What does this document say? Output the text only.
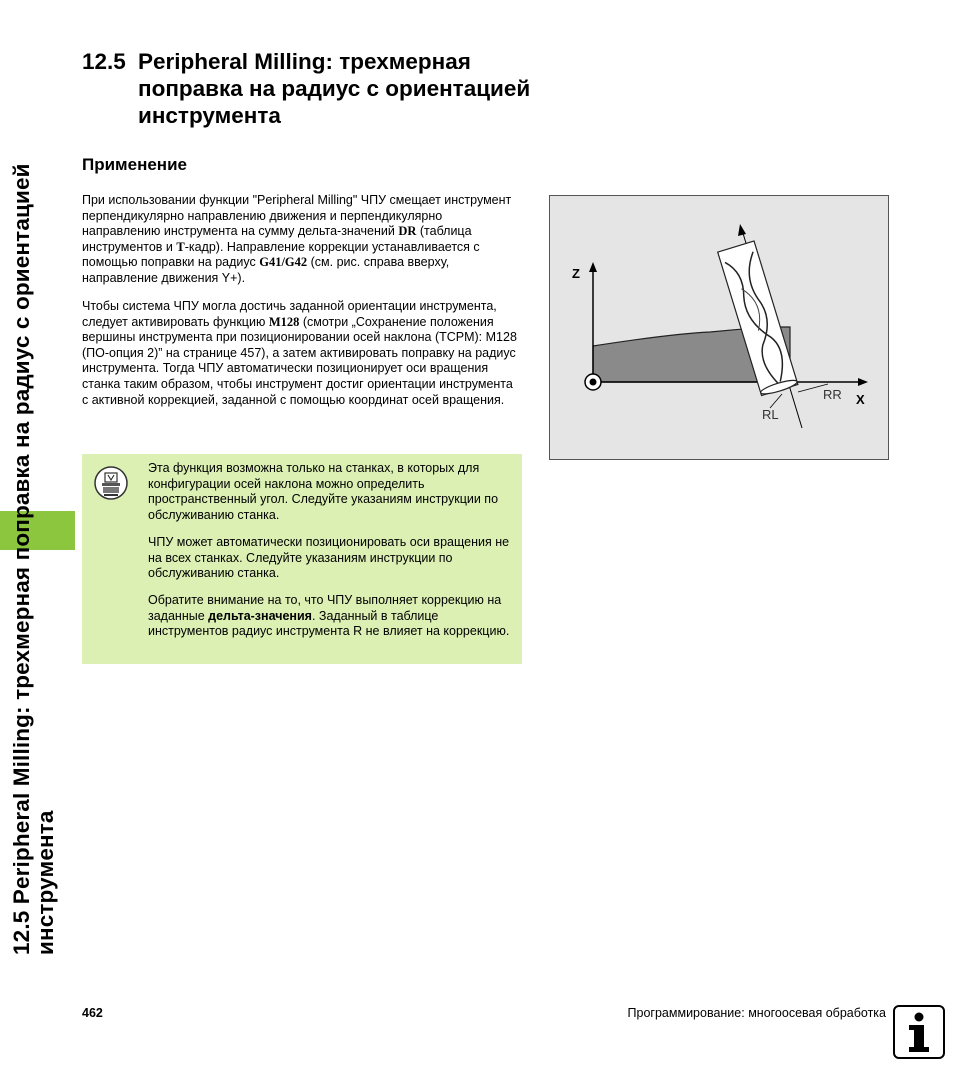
12.5 Peripheral Milling: трехмерная поправка на радиус с ориентацией инструмента
12.5 Peripheral Milling: трехмерная поправка на радиус с ориентацией инструмента
Применение
При использовании функции "Peripheral Milling" ЧПУ смещает инструмент перпендикулярно направлению движения и перпендикулярно направлению инструмента на сумму дельта-значений DR (таблица инструментов и T-кадр). Направление коррекции устанавливается с помощью поправки на радиус G41/G42 (см. рис. справа вверху, направление движения Y+).
Чтобы система ЧПУ могла достичь заданной ориентации инструмента, следует активировать функцию M128 (смотри „Сохранение положения вершины инструмента при позиционировании осей наклона (TCPM): M128 (ПО-опция 2)” на странице 457), а затем активировать поправку на радиус инструмента. Тогда ЧПУ автоматически позиционирует оси вращения станка таким образом, чтобы инструмент достиг ориентации инструмента с активной коррекцией, заданной с помощью координат осей вращения.
Эта функция возможна только на станках, в которых для конфигурации осей наклона можно определить пространственный угол. Следуйте указаниям инструкции по обслуживанию станка.
ЧПУ может автоматически позиционировать оси вращения не на всех станках. Следуйте указаниям инструкции по обслуживанию станка.
Обратите внимание на то, что ЧПУ выполняет коррекцию на заданные дельта-значения. Заданный в таблице инструментов радиус инструмента R не влияет на коррекцию.
Z
X
RR
RL
462	Программирование: многоосевая обработка
